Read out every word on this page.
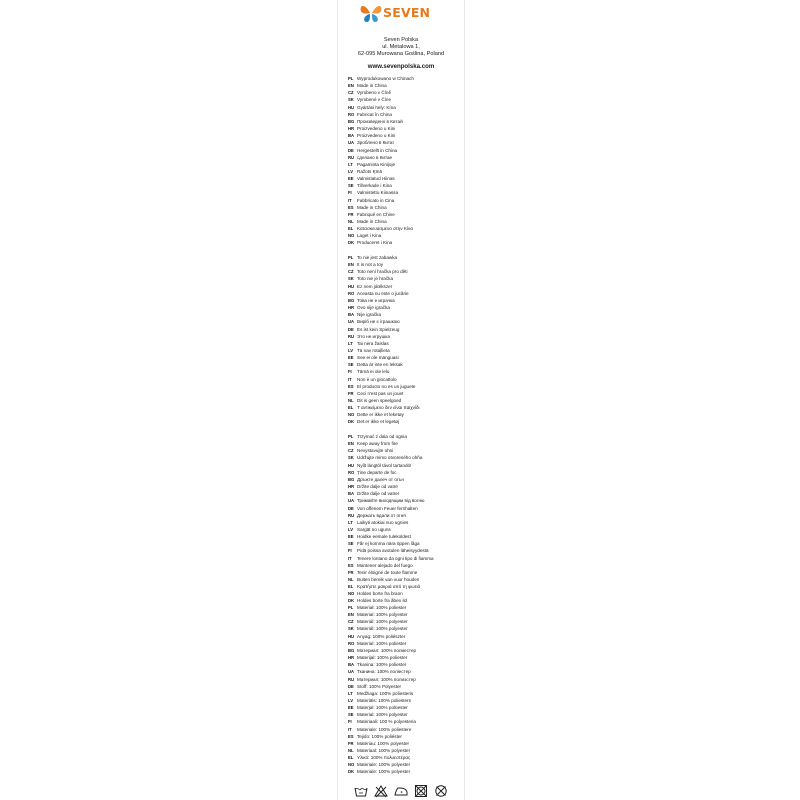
SEVEN
Seven Polska
ul. Metalowa 1,
62-095 Murowana Goślina, Poland
www.sevenpolska.com
PL $^{Wyprodukowano w Chinach}$
EN $^{Made in China}$
CZ $^{Vyrobeno v Číně}$
SK $^{Vyrobené v Číne}$
HU $^{Gyártási hely: Kína}$
RO $^{Fabricat în China}$
BG $^{Произведено в Китай}$
HR $^{Proizvedeno u Kini}$
BA $^{Proizvedeno u Kini}$
UA $^{Зроблено в Китаї}$
DE $^{Hergestellt in China}$
RU $^{сделано в Китае}$
LT $^{Pagaminta Kinijoje}$
LV $^{Ražots Ķīnā}$
EE $^{Valmistatud Hiinas}$
SE $^{Tillverkade i Kina}$
FI $^{Valmistettu Kiinassa}$
IT $^{Fabbricato in Cina}$
ES $^{Made in China}$
FR $^{Fabriqué en Chine}$
NL $^{Made in China}$
EL $^{K\alpha\tau\alpha\sigma\kappa\varepsilon\upsilon\alpha\sigma\mu έ\nu o \sigma\tau\eta\nu Kί\nu\alpha}$
NO $^{Laget i Kina}$
DK $^{Produceret i Kina}$
PL $^{To nie jest zabawka}$
EN $^{It is not a toy}$
CZ $^{Toto není hračka pro děti}$
SK $^{Toto nie je hračka}$
HU $^{Ez nem játékszer}$
RO $^{Aceasta nu este o jucărie}$
BG $^{Това не е играчка}$
HR $^{Ovo nije igračka}$
BA $^{Nije igračka}$
UA $^{Виріб не є іграшкою}$
DE $^{Es ist kein Spielzeug}$
RU $^{Это не игрушка}$
LT $^{Tai nėra žaislas}$
LV $^{Tā nav rotaļlieta}$
EE $^{See ei ole mänguasi}$
SE $^{Detta är inte en leksak}$
FI $^{Tämä ei ole lelu}$
IT $^{Non è un giocattolo}$
ES $^{El producto no es un juguete}$
FR $^{Ceci n'est pas un jouet}$
NL $^{Dit is geen speelgoed}$
EL $^{T \alpha\nu\tau\iota\kappa\varepsilon ί\mu\varepsilon\nu o \delta\varepsilon\nu \varepsilon ί\nu\alpha\iota \pi\alpha\iota\chi\nu ί\delta\iota}$
NO $^{Dette er ikke et leketøy}$
DK $^{Det er ikke et legetøj}$
PL $^{Trzymać z dala od ognia}$
EN $^{Keep away from fire}$
CZ $^{Nevystavujte ohni}$
SK $^{Udržujte mimo otvoreného ohňa}$
HU $^{Nyílt lángtól távol tartandó!}$
RO $^{Ține departe de foc}$
BG $^{Дръжте далеч от огън}$
HR $^{Držite dalje od vatre}$
BA $^{Držite dalje od vatre!}$
UA $^{Тримайте виходящим від вогню}$
DE $^{Von offenem Feuer fernhalten}$
RU $^{Держать вдали от огня}$
LT $^{Laikyti atokiai nuo ugnies}$
LV $^{Sargāt no uguns}$
EE $^{Hoidke eemale tulekoldest}$
SE $^{Får ej komma nära öppen låga}$
FI $^{Pidä poissa avotulen läheisyydestä}$
IT $^{Tenere lontano da ogni tipo di fiamma}$
ES $^{Mantener alejado del fuego}$
FR $^{Tenir éloigné de toute flamme}$
NL $^{Buiten bereik van vuur houden}$
EL $^{K\rho\alpha\tau ή\sigma\tau\varepsilon \mu\alpha\kappa\rho\iota ά \alpha\pi ό \tau\eta \varphi\omega\tau\iota ά}$
NO $^{Holdes borte fra brann}$
DK $^{Holdes borte fra åben ild}$
PL $^{Materiał: 100\% poliester}$
EN $^{Material: 100\% polyester}$
CZ $^{Materiál: 100\% polyester}$
SK $^{Materiál: 100\% polyester}$
HU $^{Anyag: 100\% poliészter}$
RO $^{Material: 100\% poliester}$
BG $^{Материал: 100\% полиестер}$
HR $^{Materijal: 100\% poliester}$
BA $^{Tkanina: 100\% poliester}$
UA $^{Тканина: 100\% поліестер}$
RU $^{Материал: 100\% полиэстер}$
DE $^{Stoff: 100\% Polyester}$
LT $^{Medžiaga: 100\% poliesteris}$
LV $^{Materiāls: 100\% poliesters}$
EE $^{Materjal: 100\% polüester}$
SE $^{Material: 100\% polyester}$
FI $^{Materiaali: 100 \% polyesteria}$
IT $^{Materiale: 100\% poliestere}$
ES $^{Tejido: 100\% poliéster}$
FR $^{Matériau: 100\% polyester}$
NL $^{Materiaal: 100\% polyester}$
EL $^{\Upsilon\lambda\iota\kappa ό: 100\% \pi o\lambda\upsilon\varepsilon\sigma\tau έ\rho\alpha\varsigma}$
NO $^{Materiale: 100\% polyester}$
DK $^{Materiale: 100\% polyester}$
